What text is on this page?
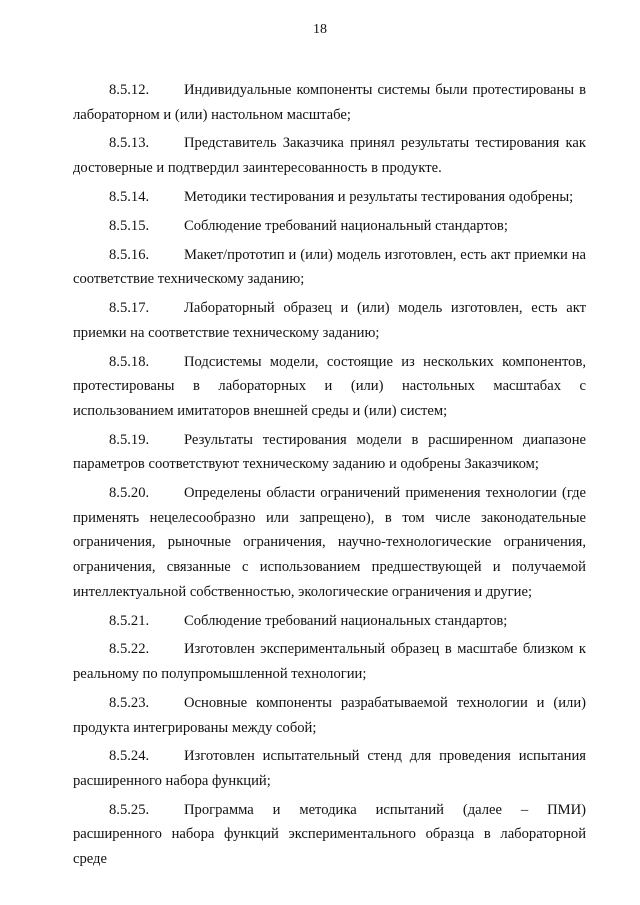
18

8.5.12. Индивидуальные компоненты системы были протестированы в лабораторном и (или) настольном масштабе;

8.5.13. Представитель Заказчика принял результаты тестирования как достоверные и подтвердил заинтересованность в продукте.

8.5.14. Методики тестирования и результаты тестирования одобрены;

8.5.15. Соблюдение требований национальный стандартов;

8.5.16. Макет/прототип и (или) модель изготовлен, есть акт приемки на соответствие техническому заданию;

8.5.17. Лабораторный образец и (или) модель изготовлен, есть акт приемки на соответствие техническому заданию;

8.5.18. Подсистемы модели, состоящие из нескольких компонентов, протестированы в лабораторных и (или) настольных масштабах с использованием имитаторов внешней среды и (или) систем;

8.5.19. Результаты тестирования модели в расширенном диапазоне параметров соответствуют техническому заданию и одобрены Заказчиком;

8.5.20. Определены области ограничений применения технологии (где применять нецелесообразно или запрещено), в том числе законодательные ограничения, рыночные ограничения, научно-технологические ограничения, ограничения, связанные с использованием предшествующей и получаемой интеллектуальной собственностью, экологические ограничения и другие;

8.5.21. Соблюдение требований национальных стандартов;

8.5.22. Изготовлен экспериментальный образец в масштабе близком к реальному по полупромышленной технологии;

8.5.23. Основные компоненты разрабатываемой технологии и (или) продукта интегрированы между собой;

8.5.24. Изготовлен испытательный стенд для проведения испытания расширенного набора функций;

8.5.25. Программа и методика испытаний (далее – ПМИ) расширенного набора функций экспериментального образца в лабораторной среде
